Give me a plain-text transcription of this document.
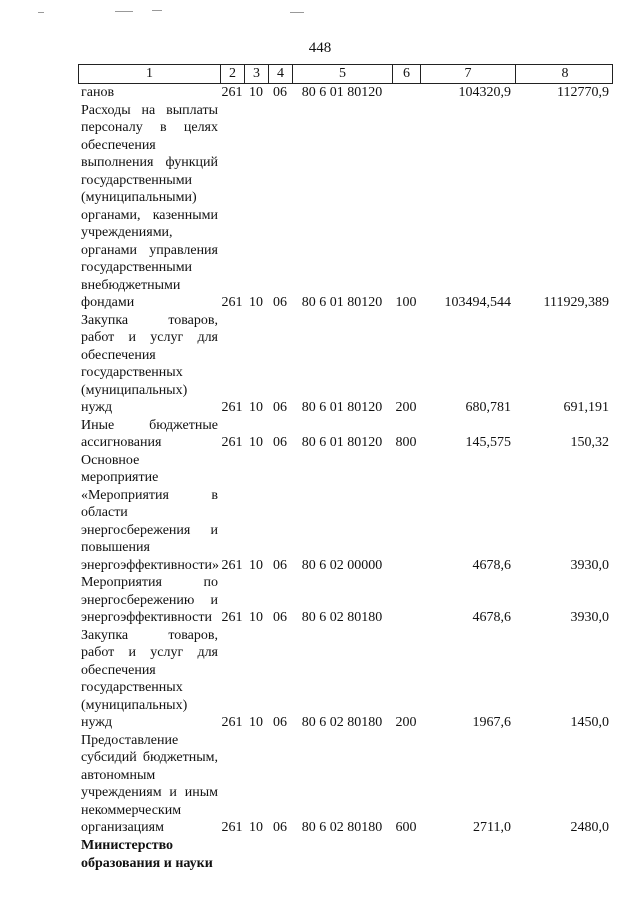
448
1	2	3	4	5	6	7	8
ганов	261 10 06	80 6 01 80120	104320,9	112770,9
Расходы на выплаты персоналу в целях обеспечения выполнения функций государственными (муниципальными) органами, казенными учреждениями, органами управления государственными внебюджетными фондами	261 10 06	80 6 01 80120 100	103494,544	111929,389
Закупка товаров, работ и услуг для обеспечения государственных (муниципальных) нужд	261 10 06	80 6 01 80120 200	680,781	691,191
Иные бюджетные ассигнования	261 10 06	80 6 01 80120 800	145,575	150,32
Основное мероприятие «Мероприятия в области энергосбережения и повышения энергоэффективности» 261 10 06	80 6 02 00000	4678,6	3930,0
Мероприятия по энергосбережению и энергоэффективности 261 10 06	80 6 02 80180	4678,6	3930,0
Закупка товаров, работ и услуг для обеспечения государственных (муниципальных) нужд	261 10 06	80 6 02 80180 200	1967,6	1450,0
Предоставление субсидий бюджетным, автономным учреждениям и иным некоммерческим организациям	261 10 06	80 6 02 80180 600	2711,0	2480,0
Министерство образования и науки
